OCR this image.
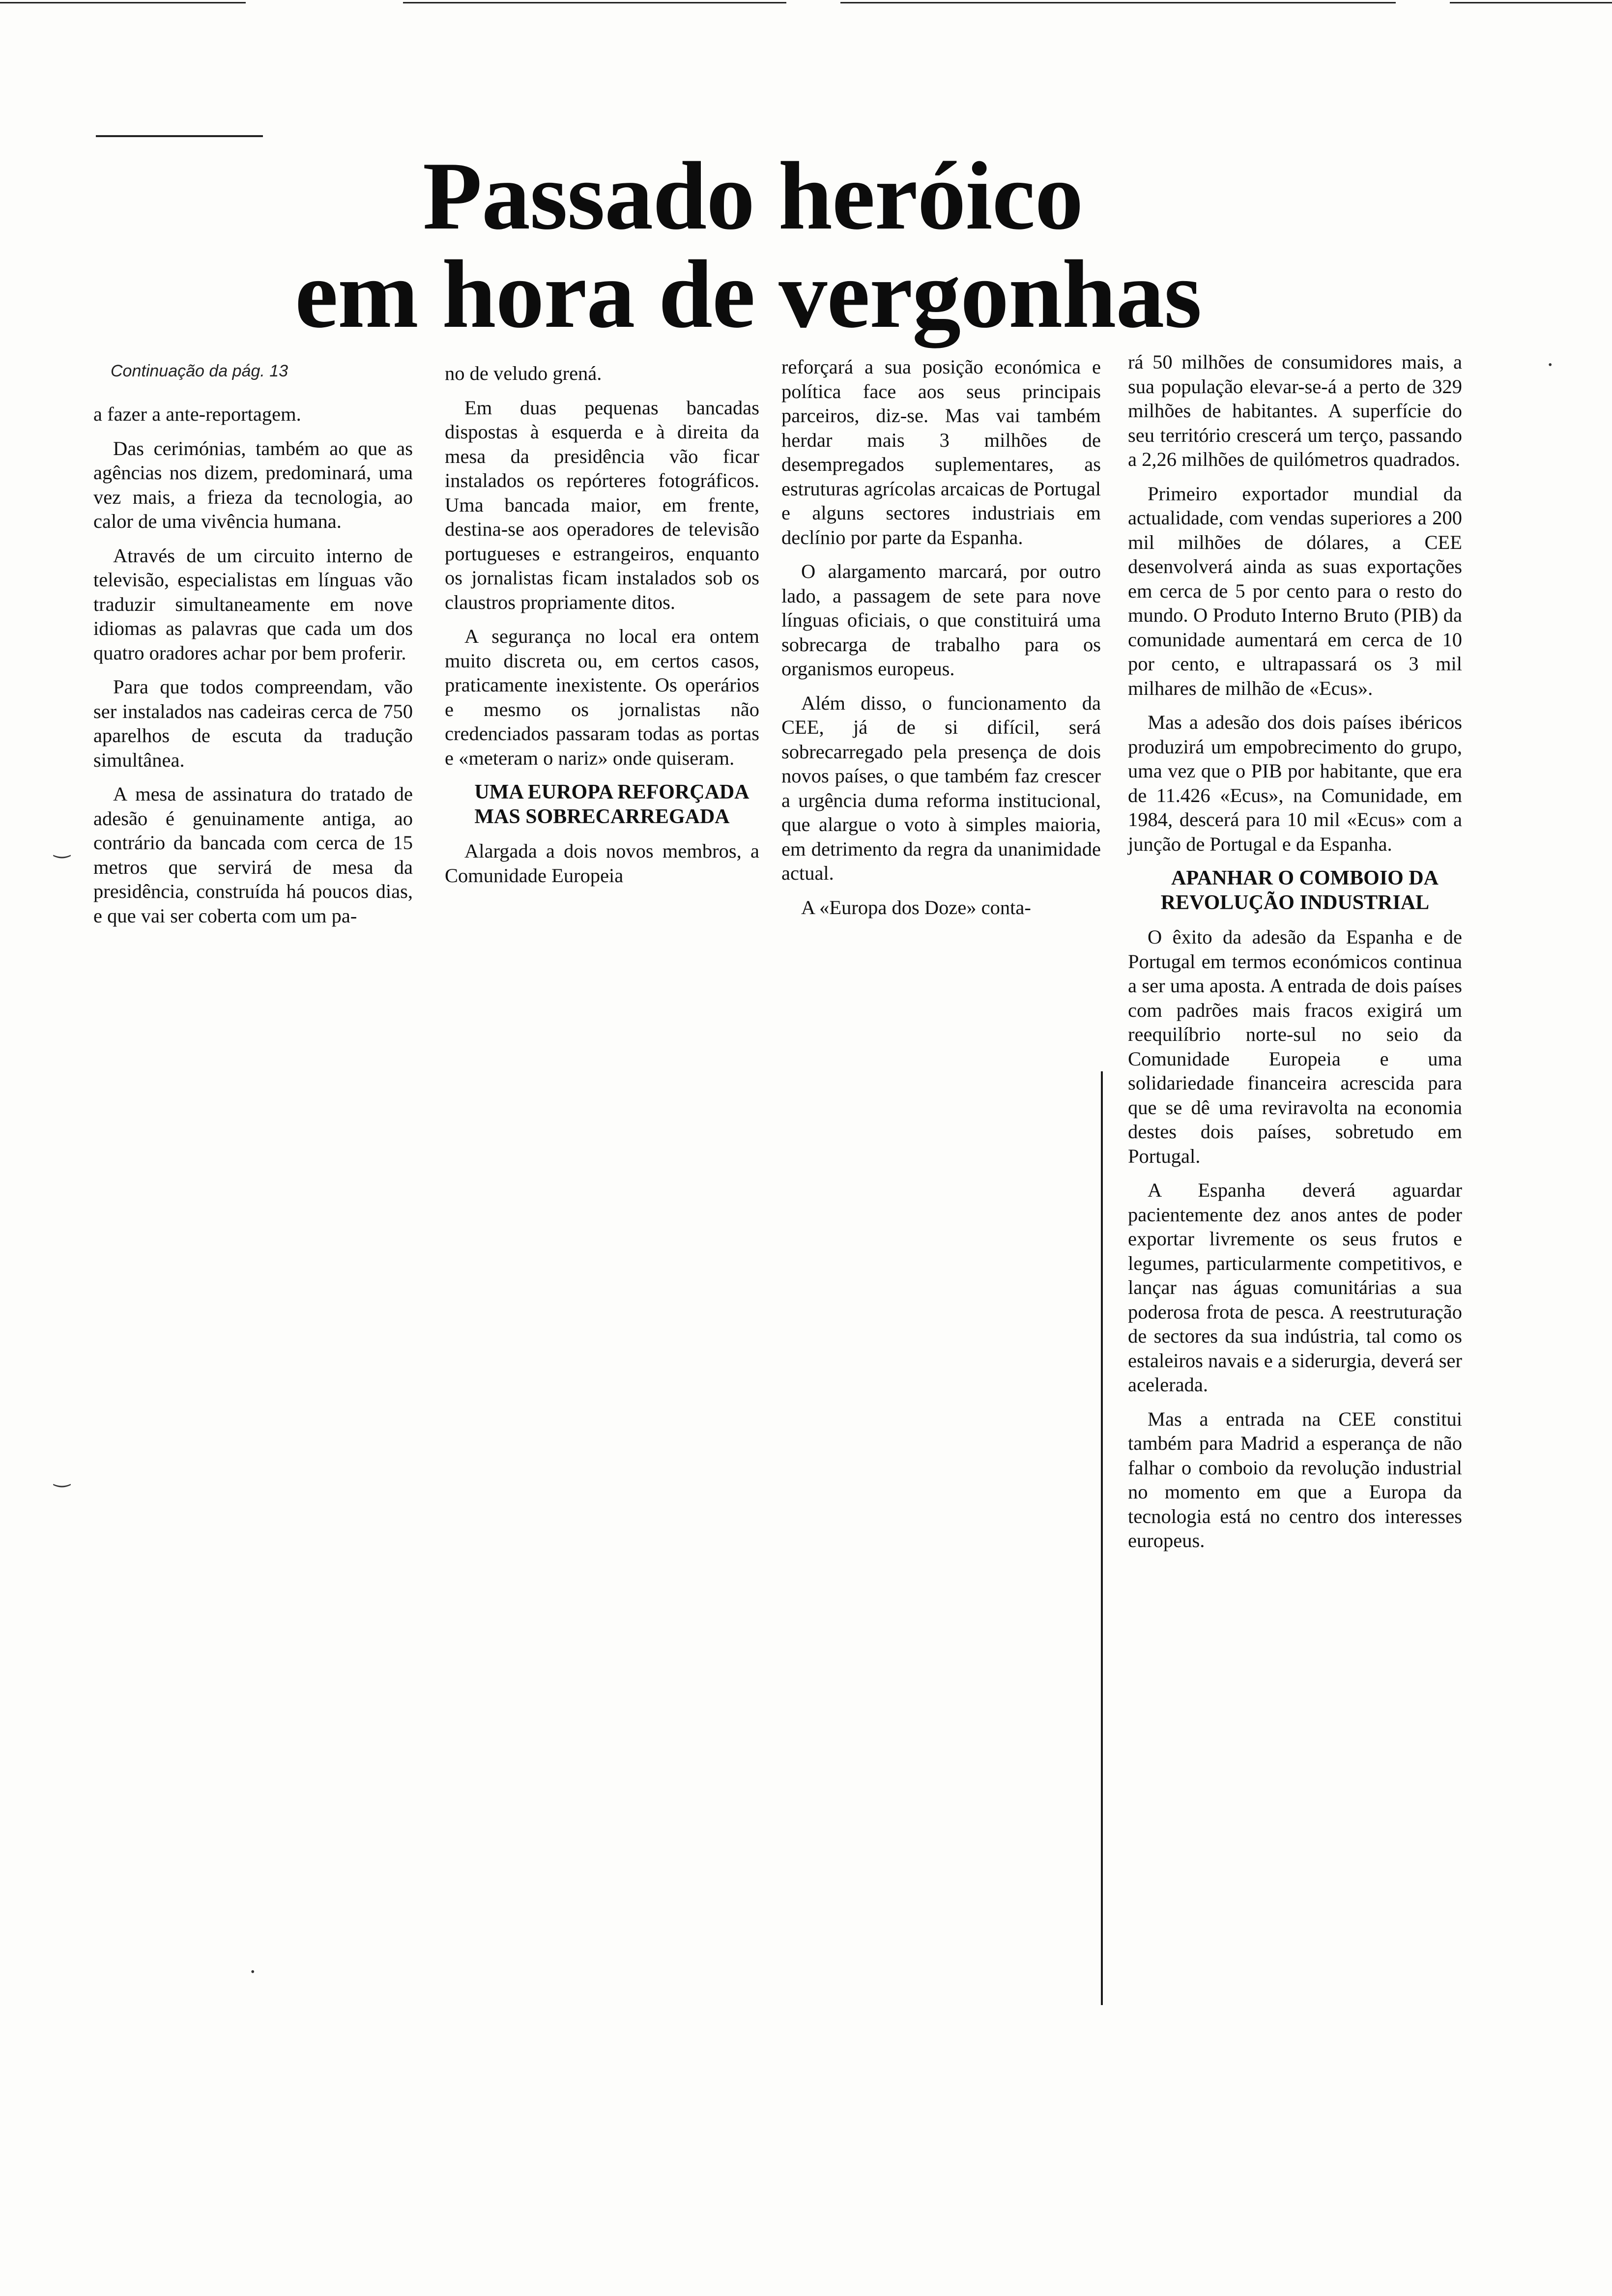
Passado heróico
em hora de vergonhas
Continuação da pág. 13

a fazer a ante-reportagem.

Das cerimónias, também ao que as agências nos dizem, predominará, uma vez mais, a frieza da tecnologia, ao calor de uma vivência humana.

Através de um circuito interno de televisão, especialistas em línguas vão traduzir simultaneamente em nove idiomas as palavras que cada um dos quatro oradores achar por bem proferir.

Para que todos compreendam, vão ser instalados nas cadeiras cerca de 750 aparelhos de escuta da tradução simultânea.

A mesa de assinatura do tratado de adesão é genuinamente antiga, ao contrário da bancada com cerca de 15 metros que servirá de mesa da presidência, construída há poucos dias, e que vai ser coberta com um pa-

no de veludo grená.

Em duas pequenas bancadas dispostas à esquerda e à direita da mesa da presidência vão ficar instalados os repórteres fotográficos. Uma bancada maior, em frente, destina-se aos operadores de televisão portugueses e estrangeiros, enquanto os jornalistas ficam instalados sob os claustros propriamente ditos.

A segurança no local era ontem muito discreta ou, em certos casos, praticamente inexistente. Os operários e mesmo os jornalistas não credenciados passaram todas as portas e «meteram o nariz» onde quiseram.

UMA EUROPA REFORÇADA MAS SOBRECARREGADA

Alargada a dois novos membros, a Comunidade Europeia

reforçará a sua posição económica e política face aos seus principais parceiros, diz-se. Mas vai também herdar mais 3 milhões de desempregados suplementares, as estruturas agrícolas arcaicas de Portugal e alguns sectores industriais em declínio por parte da Espanha.

O alargamento marcará, por outro lado, a passagem de sete para nove línguas oficiais, o que constituirá uma sobrecarga de trabalho para os organismos europeus.

Além disso, o funcionamento da CEE, já de si difícil, será sobrecarregado pela presença de dois novos países, o que também faz crescer a urgência duma reforma institucional, que alargue o voto à simples maioria, em detrimento da regra da unanimidade actual.

A «Europa dos Doze» conta-

rá 50 milhões de consumidores mais, a sua população elevar-se-á a perto de 329 milhões de habitantes. A superfície do seu território crescerá um terço, passando a 2,26 milhões de quilómetros quadrados.

Primeiro exportador mundial da actualidade, com vendas superiores a 200 mil milhões de dólares, a CEE desenvolverá ainda as suas exportações em cerca de 5 por cento para o resto do mundo. O Produto Interno Bruto (PIB) da comunidade aumentará em cerca de 10 por cento, e ultrapassará os 3 mil milhares de milhão de «Ecus».

Mas a adesão dos dois países ibéricos produzirá um empobrecimento do grupo, uma vez que o PIB por habitante, que era de 11.426 «Ecus», na Comunidade, em 1984, descerá para 10 mil «Ecus» com a junção de Portugal e da Espanha.

APANHAR O COMBOIO DA REVOLUÇÃO INDUSTRIAL

O êxito da adesão da Espanha e de Portugal em termos económicos continua a ser uma aposta. A entrada de dois países com padrões mais fracos exigirá um reequilíbrio norte-sul no seio da Comunidade Europeia e uma solidariedade financeira acrescida para que se dê uma reviravolta na economia destes dois países, sobretudo em Portugal.

A Espanha deverá aguardar pacientemente dez anos antes de poder exportar livremente os seus frutos e legumes, particularmente competitivos, e lançar nas águas comunitárias a sua poderosa frota de pesca. A reestruturação de sectores da sua indústria, tal como os estaleiros navais e a siderurgia, deverá ser acelerada.

Mas a entrada na CEE constitui também para Madrid a esperança de não falhar o comboio da revolução industrial no momento em que a Europa da tecnologia está no centro dos interesses europeus.

‿
‿
•
•
